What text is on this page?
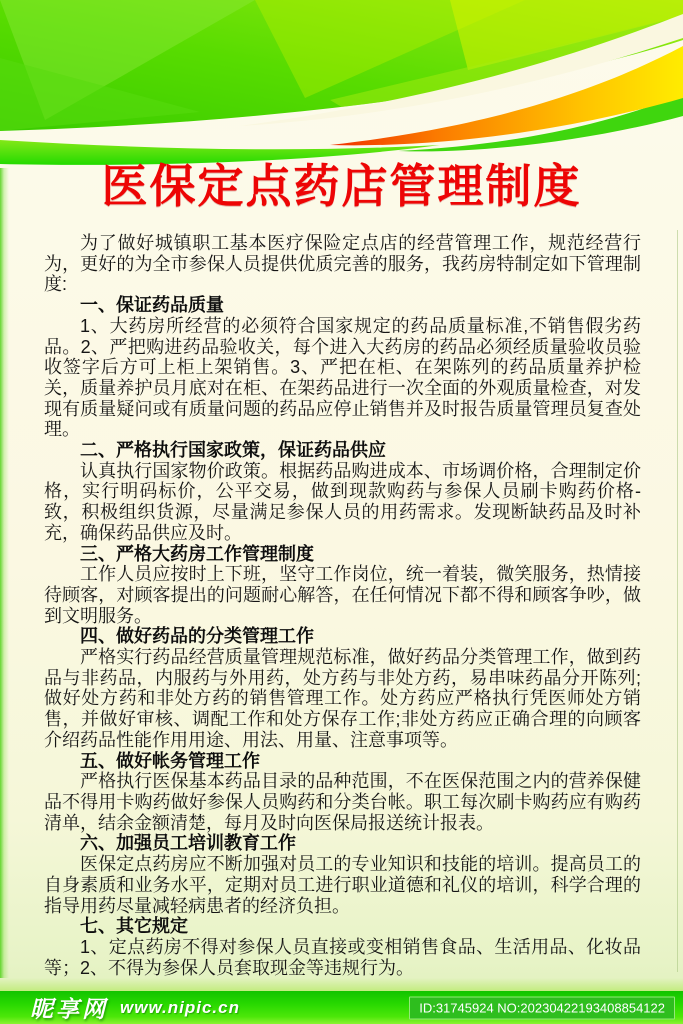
医保定点药店管理制度

为了做好城镇职工基本医疗保险定点店的经营管理工作，规范经营行为，更好的为全市参保人员提供优质完善的服务，我药房特制定如下管理制度:

一、保证药品质量

1、大药房所经营的必须符合国家规定的药品质量标准,不销售假劣药品。2、严把购进药品验收关，每个进入大药房的药品必须经质量验收员验收签字后方可上柜上架销售。3、严把在柜、在架陈列的药品质量养护检关，质量养护员月底对在柜、在架药品进行一次全面的外观质量检查，对发现有质量疑问或有质量问题的药品应停止销售并及时报告质量管理员复查处理。

二、严格执行国家政策，保证药品供应

认真执行国家物价政策。根据药品购进成本、市场调价格，合理制定价格，实行明码标价，公平交易，做到现款购药与参保人员刷卡购药价格-致，积极组织货源，尽量满足参保人员的用药需求。发现断缺药品及时补充，确保药品供应及时。

三、严格大药房工作管理制度

工作人员应按时上下班，坚守工作岗位，统一着装，微笑服务，热情接待顾客，对顾客提出的问题耐心解答，在任何情况下都不得和顾客争吵，做到文明服务。

四、做好药品的分类管理工作

严格实行药品经营质量管理规范标准，做好药品分类管理工作，做到药品与非药品，内服药与外用药，处方药与非处方药，易串味药晶分开陈列;做好处方药和非处方药的销售管理工作。处方药应严格执行凭医师处方销售，并做好审核、调配工作和处方保存工作;非处方药应正确合理的向顾客介绍药品性能作用用途、用法、用量、注意事项等。

五、做好帐务管理工作

严格执行医保基本药品目录的品种范围，不在医保范围之内的营养保健品不得用卡购药做好参保人员购药和分类台帐。职工每次刷卡购药应有购药清单，结余金额清楚，每月及时向医保局报送统计报表。

六、加强员工培训教育工作

医保定点药房应不断加强对员工的专业知识和技能的培训。提高员工的自身素质和业务水平，定期对员工进行职业道德和礼仪的培训，科学合理的指导用药尽量减轻病患者的经济负担。

七、其它规定

1、定点药房不得对参保人员直接或变相销售食品、生活用品、化妆品等；2、不得为参保人员套取现金等违规行为。

昵享网 www.nipic.cn	ID:31745924 NO:20230422193408854122
